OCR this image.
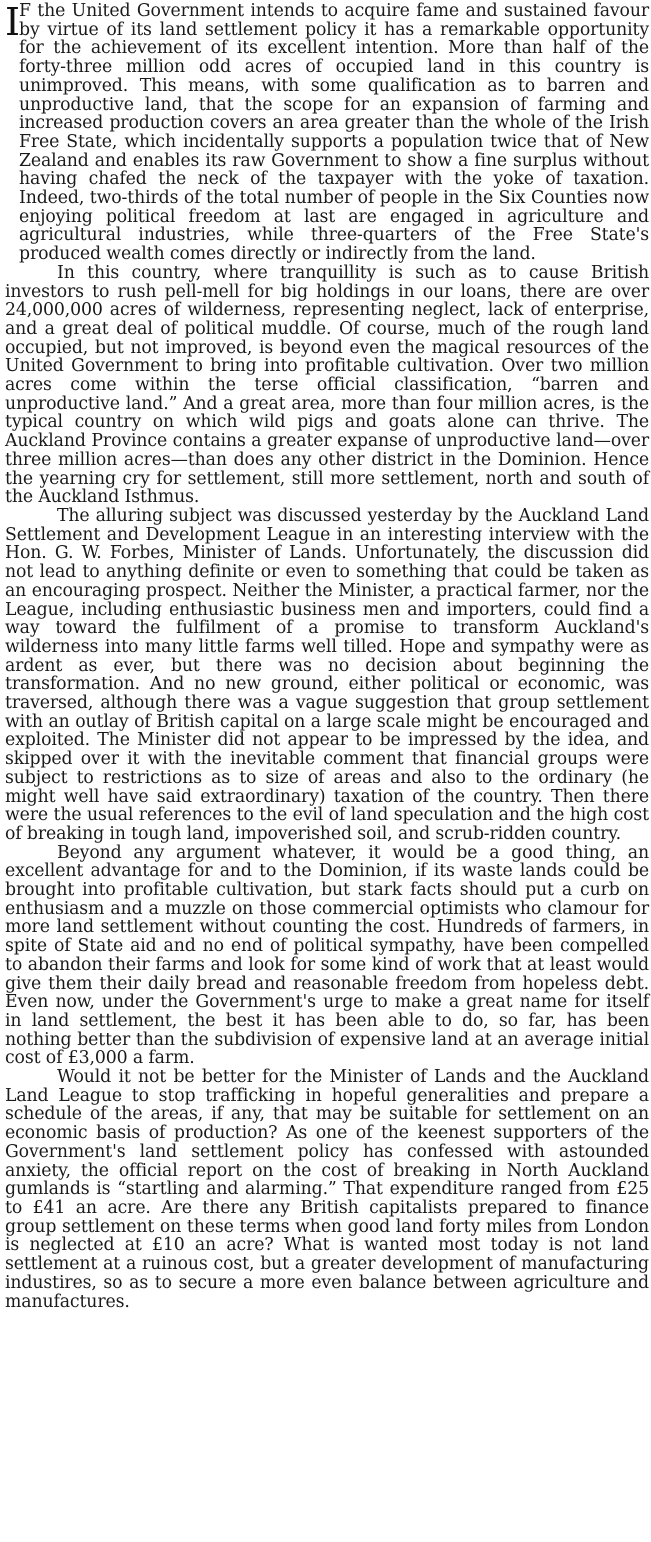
I

F the United Government intends to acquire fame and sustained favour by virtue of its land settlement policy it has a remarkable opportunity for the achievement of its excellent intention. More than half of the forty-three million odd acres of occupied land in this country is unimproved. This means, with some qualification as to barren and unproductive land, that the scope for an expansion of farming and increased production covers an area greater than the whole of the Irish Free State, which incidentally supports a population twice that of New Zealand and enables its raw Government to show a fine surplus without having chafed the neck of the taxpayer with the yoke of taxation. Indeed, two-thirds of the total number of people in the Six Counties now enjoying political freedom at last are engaged in agriculture and agricultural industries, while three-quarters of the Free State's produced wealth comes directly or indirectly from the land.

In this country, where tranquillity is such as to cause British investors to rush pell-mell for big holdings in our loans, there are over 24,000,000 acres of wilderness, representing neglect, lack of enterprise, and a great deal of political muddle. Of course, much of the rough land occupied, but not improved, is beyond even the magical resources of the United Government to bring into profitable cultivation. Over two million acres come within the terse official classification, “barren and unproductive land.” And a great area, more than four million acres, is the typical country on which wild pigs and goats alone can thrive. The Auckland Province contains a greater expanse of unproductive land—over three million acres—than does any other district in the Dominion. Hence the yearning cry for settlement, still more settlement, north and south of the Auckland Isthmus.

The alluring subject was discussed yesterday by the Auckland Land Settlement and Development League in an interesting interview with the Hon. G. W. Forbes, Minister of Lands. Unfortunately, the discussion did not lead to anything definite or even to something that could be taken as an encouraging prospect. Neither the Minister, a practical farmer, nor the League, including enthusiastic business men and importers, could find a way toward the fulfilment of a promise to transform Auckland's wilderness into many little farms well tilled. Hope and sympathy were as ardent as ever, but there was no decision about beginning the transformation. And no new ground, either political or economic, was traversed, although there was a vague suggestion that group settlement with an outlay of British capital on a large scale might be encouraged and exploited. The Minister did not appear to be impressed by the idea, and skipped over it with the inevitable comment that financial groups were subject to restrictions as to size of areas and also to the ordinary (he might well have said extraordinary) taxation of the country. Then there were the usual references to the evil of land speculation and the high cost of breaking in tough land, impoverished soil, and scrub-ridden country.

Beyond any argument whatever, it would be a good thing, an excellent advantage for and to the Dominion, if its waste lands could be brought into profitable cultivation, but stark facts should put a curb on enthusiasm and a muzzle on those commercial optimists who clamour for more land settlement without counting the cost. Hundreds of farmers, in spite of State aid and no end of political sympathy, have been compelled to abandon their farms and look for some kind of work that at least would give them their daily bread and reasonable freedom from hopeless debt. Even now, under the Government's urge to make a great name for itself in land settlement, the best it has been able to do, so far, has been nothing better than the subdivision of expensive land at an average initial cost of £3,000 a farm.

Would it not be better for the Minister of Lands and the Auckland Land League to stop trafficking in hopeful generalities and prepare a schedule of the areas, if any, that may be suitable for settlement on an economic basis of production? As one of the keenest supporters of the Government's land settlement policy has confessed with astounded anxiety, the official report on the cost of breaking in North Auckland gumlands is “startling and alarming.” That expenditure ranged from £25 to £41 an acre. Are there any British capitalists prepared to finance group settlement on these terms when good land forty miles from London is neglected at £10 an acre? What is wanted most today is not land settlement at a ruinous cost, but a greater development of manufacturing industires, so as to secure a more even balance between agriculture and manufactures.
